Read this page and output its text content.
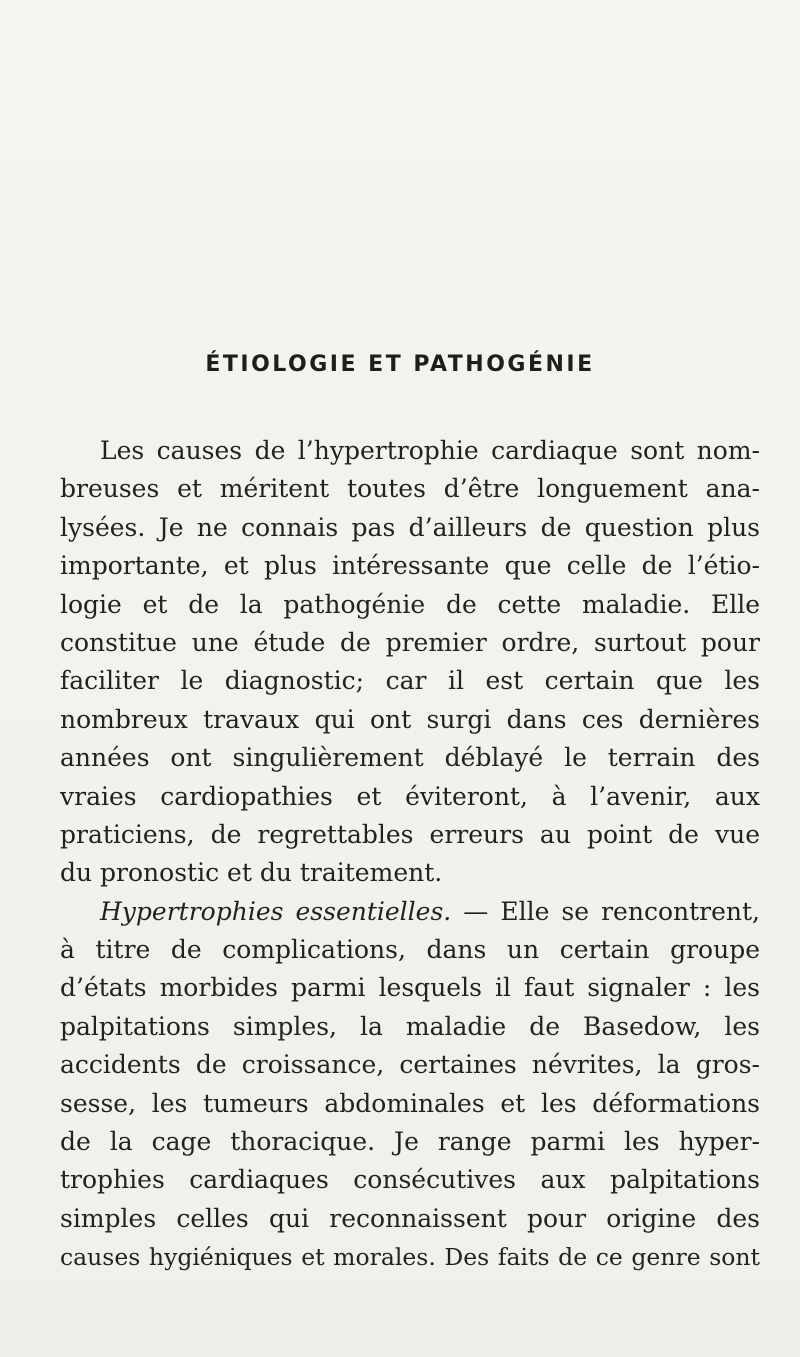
ÉTIOLOGIE ET PATHOGÉNIE
Les causes de l’hypertrophie cardiaque sont nom-
breuses et méritent toutes d’être longuement ana-
lysées. Je ne connais pas d’ailleurs de question plus
importante, et plus intéressante que celle de l’étio-
logie et de la pathogénie de cette maladie. Elle
constitue une étude de premier ordre, surtout pour
faciliter le diagnostic; car il est certain que les
nombreux travaux qui ont surgi dans ces dernières
années ont singulièrement déblayé le terrain des
vraies cardiopathies et éviteront, à l’avenir, aux
praticiens, de regrettables erreurs au point de vue
du pronostic et du traitement.
Hypertrophies essentielles. — Elle se rencontrent,
à titre de complications, dans un certain groupe
d’états morbides parmi lesquels il faut signaler : les
palpitations simples, la maladie de Basedow, les
accidents de croissance, certaines névrites, la gros-
sesse, les tumeurs abdominales et les déformations
de la cage thoracique. Je range parmi les hyper-
trophies cardiaques consécutives aux palpitations
simples celles qui reconnaissent pour origine des
causes hygiéniques et morales. Des faits de ce genre sont
